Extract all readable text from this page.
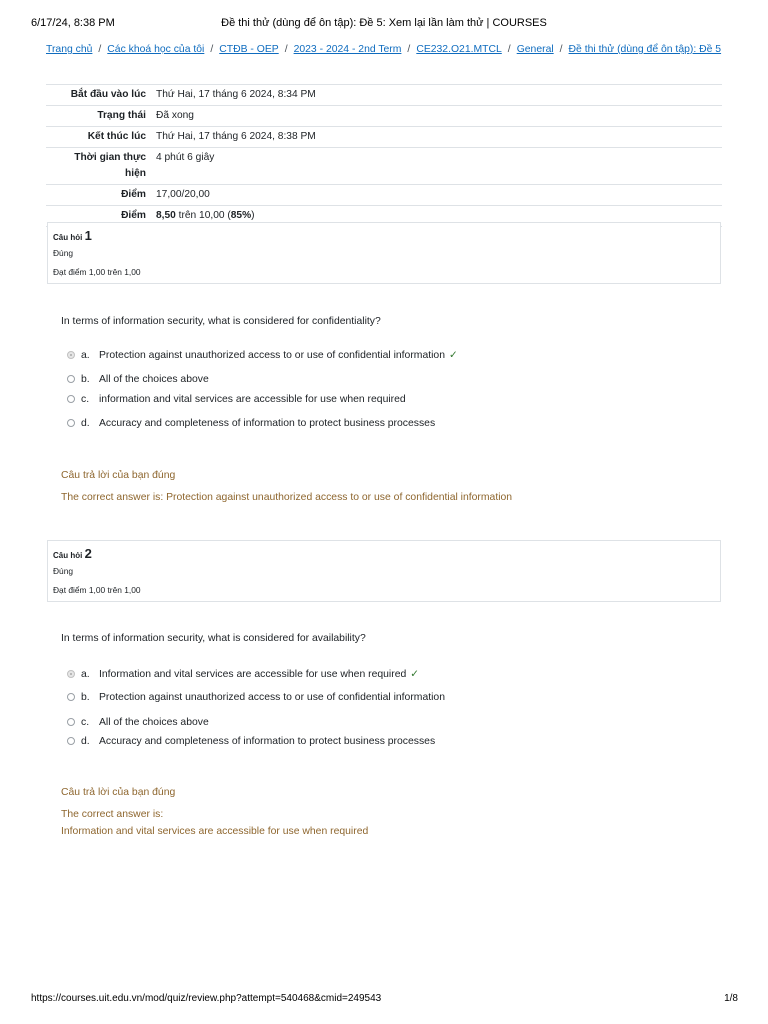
6/17/24, 8:38 PM	Đề thi thử (dùng để ôn tập): Đề 5: Xem lại lần làm thử | COURSES
Trang chủ / Các khoá học của tôi / CTĐB - OEP / 2023 - 2024 - 2nd Term / CE232.O21.MTCL / General / Đề thi thử (dùng để ôn tập): Đề 5
Bắt đầu vào lúc	Thứ Hai, 17 tháng 6 2024, 8:34 PM
Trạng thái	Đã xong
Kết thúc lúc	Thứ Hai, 17 tháng 6 2024, 8:38 PM
Thời gian thực hiện	4 phút 6 giây
Điểm	17,00/20,00
Điểm	8,50 trên 10,00 (85%)
Câu hỏi 1
Đúng
Đạt điểm 1,00 trên 1,00
In terms of information security, what is considered for confidentiality?
a. Protection against unauthorized access to or use of confidential information ✓
b. All of the choices above
c. information and vital services are accessible for use when required
d. Accuracy and completeness of information to protect business processes
Câu trả lời của bạn đúng
The correct answer is: Protection against unauthorized access to or use of confidential information
Câu hỏi 2
Đúng
Đạt điểm 1,00 trên 1,00
In terms of information security, what is considered for availability?
a. Information and vital services are accessible for use when required ✓
b. Protection against unauthorized access to or use of confidential information
c. All of the choices above
d. Accuracy and completeness of information to protect business processes
Câu trả lời của bạn đúng
The correct answer is:
Information and vital services are accessible for use when required
https://courses.uit.edu.vn/mod/quiz/review.php?attempt=540468&cmid=249543	1/8
